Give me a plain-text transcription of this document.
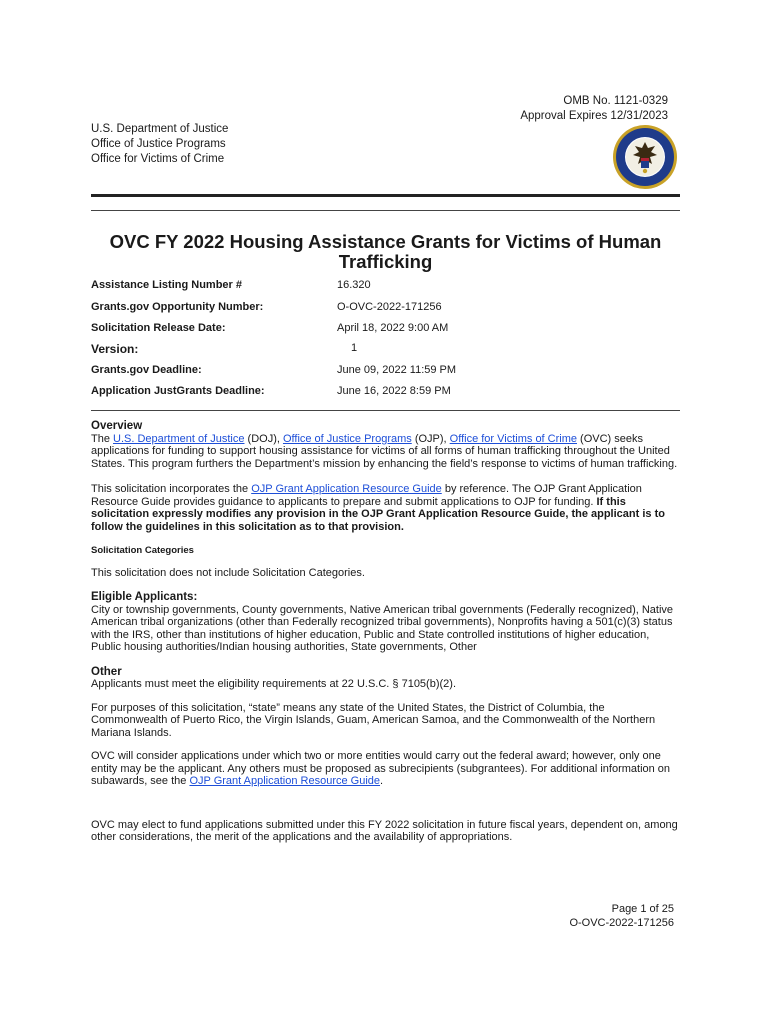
OMB No. 1121-0329
Approval Expires 12/31/2023
U.S. Department of Justice
Office of Justice Programs
Office for Victims of Crime
OVC FY 2022 Housing Assistance Grants for Victims of Human
Trafficking
Assistance Listing Number #	16.320
Grants.gov Opportunity Number:	O-OVC-2022-171256
Solicitation Release Date:	April 18, 2022 9:00 AM
Version:	1
Grants.gov Deadline:	June 09, 2022 11:59 PM
Application JustGrants Deadline:	June 16, 2022 8:59 PM

Overview

The U.S. Department of Justice (DOJ), Office of Justice Programs (OJP), Office for Victims of Crime (OVC) seeks applications for funding to support housing assistance for victims of all forms of human trafficking throughout the United States. This program furthers the Department’s mission by enhancing the field’s response to victims of human trafficking.

This solicitation incorporates the OJP Grant Application Resource Guide by reference. The OJP Grant Application Resource Guide provides guidance to applicants to prepare and submit applications to OJP for funding. If this solicitation expressly modifies any provision in the OJP Grant Application Resource Guide, the applicant is to follow the guidelines in this solicitation as to that provision.

Solicitation Categories

This solicitation does not include Solicitation Categories.

Eligible Applicants:

City or township governments, County governments, Native American tribal governments (Federally recognized), Native American tribal organizations (other than Federally recognized tribal governments), Nonprofits having a 501(c)(3) status with the IRS, other than institutions of higher education, Public and State controlled institutions of higher education, Public housing authorities/Indian housing authorities, State governments, Other

Other

Applicants must meet the eligibility requirements at 22 U.S.C. § 7105(b)(2).

For purposes of this solicitation, “state” means any state of the United States, the District of Columbia, the Commonwealth of Puerto Rico, the Virgin Islands, Guam, American Samoa, and the Commonwealth of the Northern Mariana Islands.

OVC will consider applications under which two or more entities would carry out the federal award; however, only one entity may be the applicant. Any others must be proposed as subrecipients (subgrantees). For additional information on subawards, see the OJP Grant Application Resource Guide.

OVC may elect to fund applications submitted under this FY 2022 solicitation in future fiscal years, dependent on, among other considerations, the merit of the applications and the availability of appropriations.

Page 1 of 25
O-OVC-2022-171256
